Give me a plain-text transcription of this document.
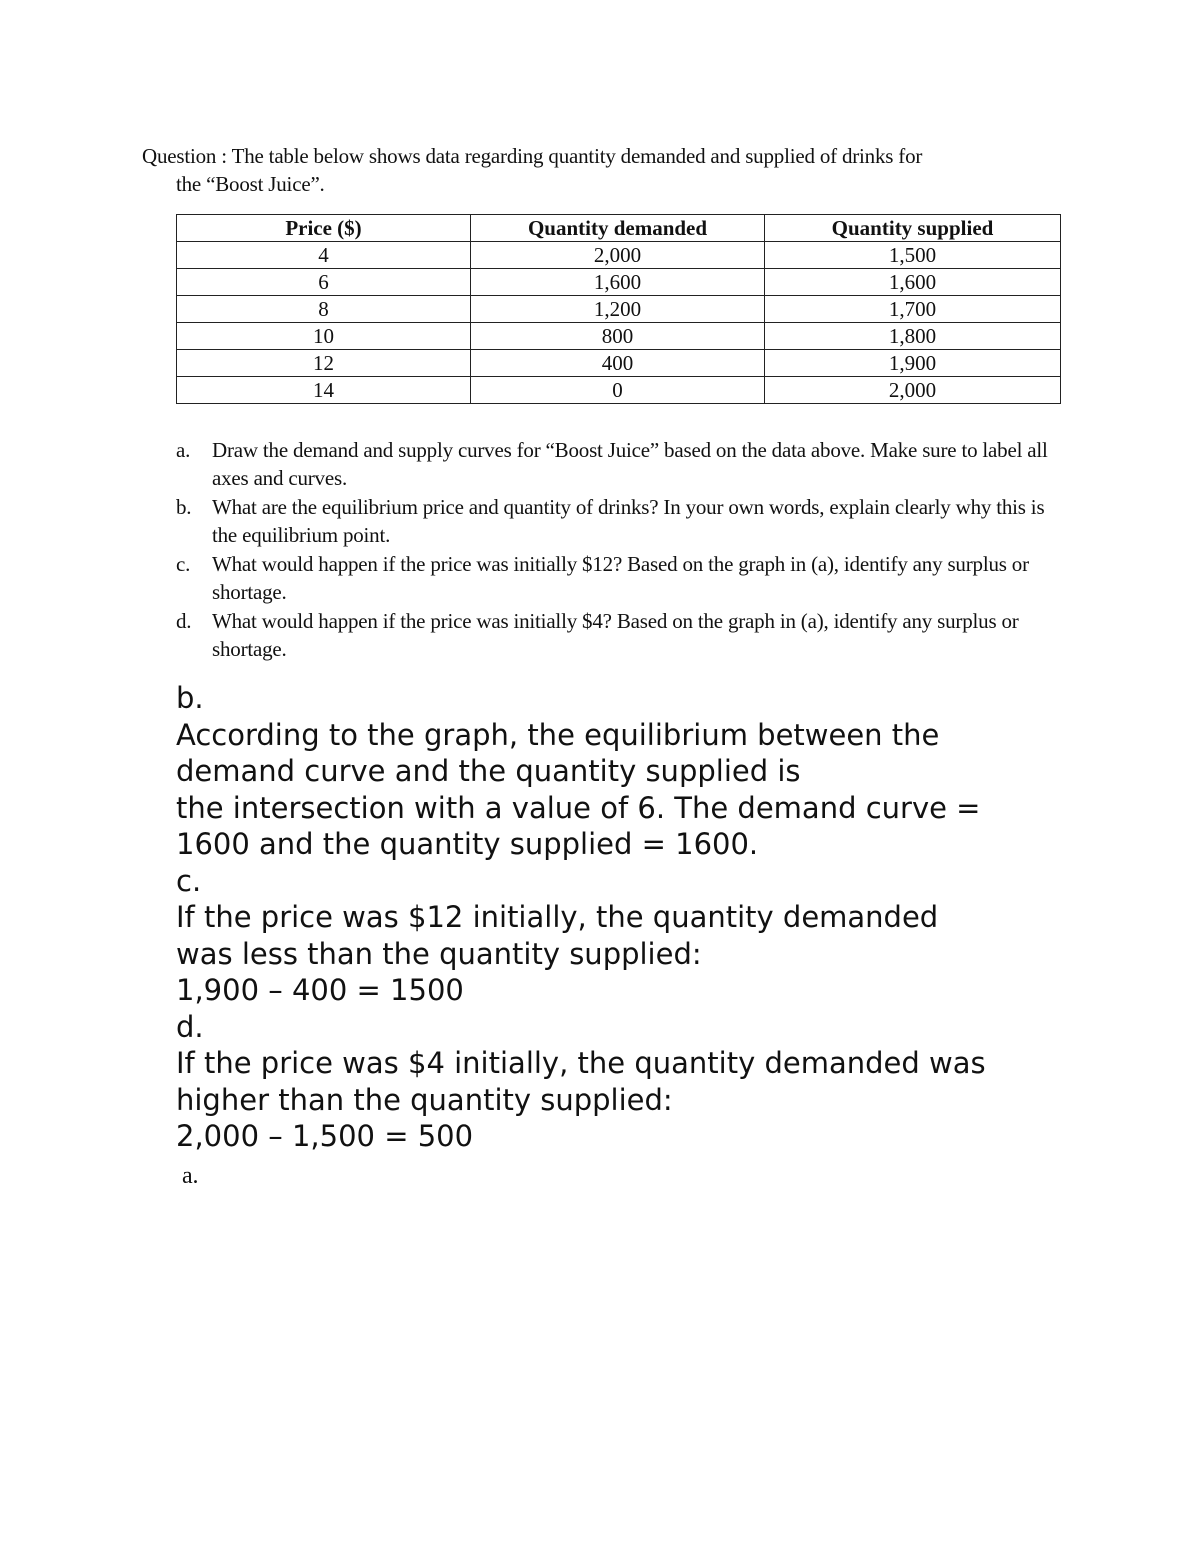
Question : The table below shows data regarding quantity demanded and supplied of drinks for
the “Boost Juice”.
Price ($)	Quantity demanded	Quantity supplied
4	2,000	1,500
6	1,600	1,600
8	1,200	1,700
10	800	1,800
12	400	1,900
14	0	2,000
a. Draw the demand and supply curves for “Boost Juice” based on the data above. Make sure to label all axes and curves.
b. What are the equilibrium price and quantity of drinks? In your own words, explain clearly why this is the equilibrium point.
c. What would happen if the price was initially $12? Based on the graph in (a), identify any surplus or shortage.
d. What would happen if the price was initially $4? Based on the graph in (a), identify any surplus or shortage.

b.

According to the graph, the equilibrium between the

demand curve and the quantity supplied is

the intersection with a value of 6. The demand curve =

1600 and the quantity supplied = 1600.

c.

If the price was $12 initially, the quantity demanded

was less than the quantity supplied:

1,900 – 400 = 1500

d.

If the price was $4 initially, the quantity demanded was

higher than the quantity supplied:

2,000 – 1,500 = 500

a.
